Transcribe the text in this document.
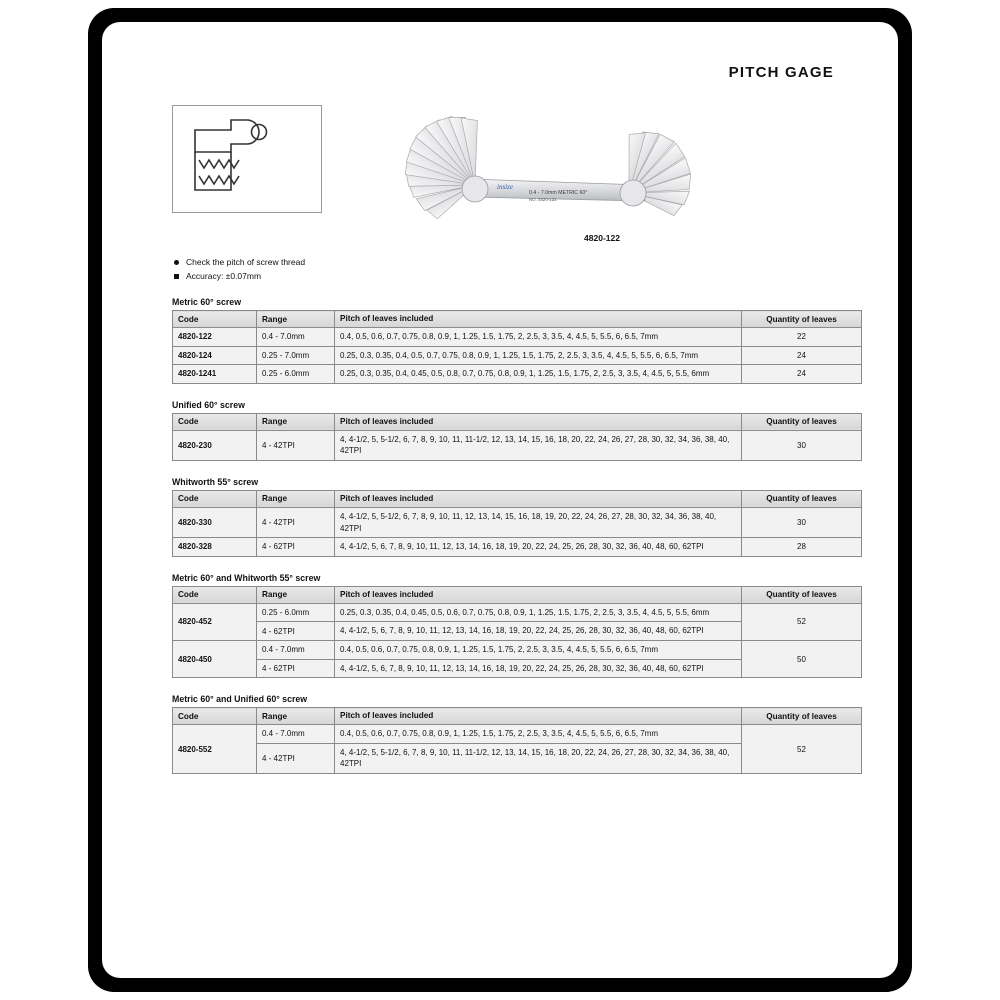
PITCH GAGE
0.4 - 7.0mm METRIC 60°
NO. 4820-122
insize
4820-122
Check the pitch of screw thread
Accuracy: ±0.07mm
Metric 60° screw
Code	Range	Pitch of leaves included	Quantity of leaves
4820-122	0.4 - 7.0mm	0.4, 0.5, 0.6, 0.7, 0.75, 0.8, 0.9, 1, 1.25, 1.5, 1.75, 2, 2.5, 3, 3.5, 4, 4.5, 5, 5.5, 6, 6.5, 7mm	22
4820-124	0.25 - 7.0mm	0.25, 0.3, 0.35, 0.4, 0.5, 0.7, 0.75, 0.8, 0.9, 1, 1.25, 1.5, 1.75, 2, 2.5, 3, 3.5, 4, 4.5, 5, 5.5, 6, 6.5, 7mm	24
4820-1241	0.25 - 6.0mm	0.25, 0.3, 0.35, 0.4, 0.45, 0.5, 0.8, 0.7, 0.75, 0.8, 0.9, 1, 1.25, 1.5, 1.75, 2, 2.5, 3, 3.5, 4, 4.5, 5, 5.5, 6mm	24
Unified 60° screw
Code	Range	Pitch of leaves included	Quantity of leaves
4820-230	4 - 42TPI	4, 4-1/2, 5, 5-1/2, 6, 7, 8, 9, 10, 11, 11-1/2, 12, 13, 14, 15, 16, 18, 20, 22, 24, 26, 27, 28, 30, 32, 34, 36, 38, 40, 42TPI	30
Whitworth 55° screw
Code	Range	Pitch of leaves included	Quantity of leaves
4820-330	4 - 42TPI	4, 4-1/2, 5, 5-1/2, 6, 7, 8, 9, 10, 11, 12, 13, 14, 15, 16, 18, 19, 20, 22, 24, 26, 27, 28, 30, 32, 34, 36, 38, 40, 42TPI	30
4820-328	4 - 62TPI	4, 4-1/2, 5, 6, 7, 8, 9, 10, 11, 12, 13, 14, 16, 18, 19, 20, 22, 24, 25, 26, 28, 30, 32, 36, 40, 48, 60, 62TPI	28
Metric 60° and Whitworth 55° screw
Code	Range	Pitch of leaves included	Quantity of leaves
4820-452	0.25 - 6.0mm	0.25, 0.3, 0.35, 0.4, 0.45, 0.5, 0.6, 0.7, 0.75, 0.8, 0.9, 1, 1.25, 1.5, 1.75, 2, 2.5, 3, 3.5, 4, 4.5, 5, 5.5, 6mm	52
	4 - 62TPI	4, 4-1/2, 5, 6, 7, 8, 9, 10, 11, 12, 13, 14, 16, 18, 19, 20, 22, 24, 25, 26, 28, 30, 32, 36, 40, 48, 60, 62TPI	
4820-450	0.4 - 7.0mm	0.4, 0.5, 0.6, 0.7, 0.75, 0.8, 0.9, 1, 1.25, 1.5, 1.75, 2, 2.5, 3, 3.5, 4, 4.5, 5, 5.5, 6, 6.5, 7mm	50
	4 - 62TPI	4, 4-1/2, 5, 6, 7, 8, 9, 10, 11, 12, 13, 14, 16, 18, 19, 20, 22, 24, 25, 26, 28, 30, 32, 36, 40, 48, 60, 62TPI	
Metric 60° and Unified 60° screw
Code	Range	Pitch of leaves included	Quantity of leaves
4820-552	0.4 - 7.0mm	0.4, 0.5, 0.6, 0.7, 0.75, 0.8, 0.9, 1, 1.25, 1.5, 1.75, 2, 2.5, 3, 3.5, 4, 4.5, 5, 5.5, 6, 6.5, 7mm	52
	4 - 42TPI	4, 4-1/2, 5, 5-1/2, 6, 7, 8, 9, 10, 11, 11-1/2, 12, 13, 14, 15, 16, 18, 20, 22, 24, 26, 27, 28, 30, 32, 34, 36, 38, 40, 42TPI	
